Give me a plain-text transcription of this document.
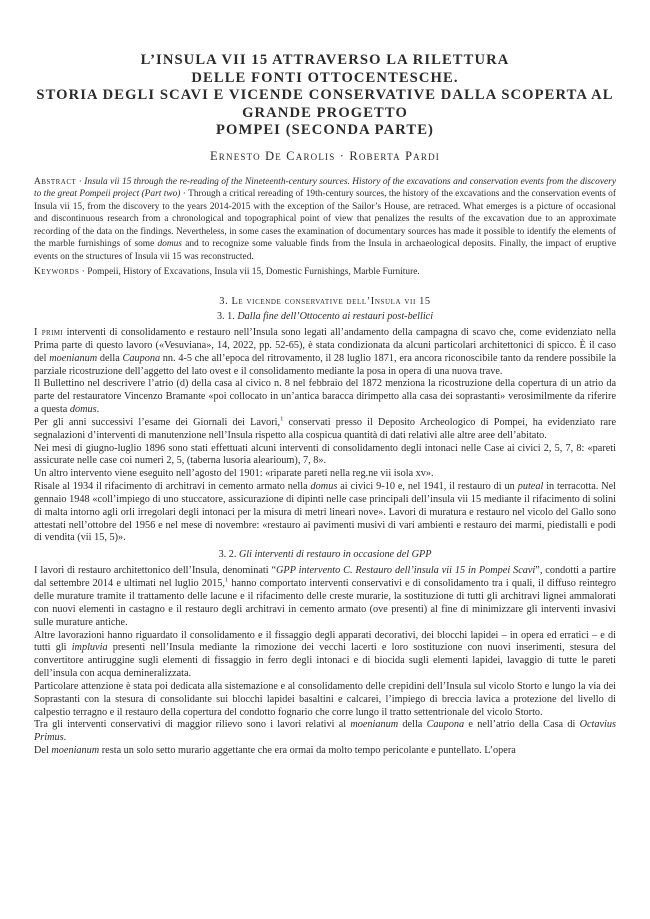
L’INSULA VII 15 ATTRAVERSO LA RILETTURA
DELLE FONTI OTTOCENTESCHE.
STORIA DEGLI SCAVI E VICENDE CONSERVATIVE DALLA SCOPERTA AL
GRANDE PROGETTO
POMPEI (SECONDA PARTE)
Ernesto De Carolis · Roberta Pardi

Abstract · Insula vii 15 through the re-reading of the Nineteenth-century sources. History of the excavations and conservation events from the discovery to the great Pompeii project (Part two) · Through a critical rereading of 19th-century sources, the history of the excavations and the conservation events of Insula vii 15, from the discovery to the years 2014-2015 with the exception of the Sailor’s House, are retraced. What emerges is a picture of occasional and discontinuous research from a chronological and topographical point of view that penalizes the results of the excavation due to an approximate recording of the data on the findings. Nevertheless, in some cases the examination of documentary sources has made it possible to identify the elements of the marble furnishings of some domus and to recognize some valuable finds from the Insula in archaeological deposits. Finally, the impact of eruptive events on the structures of Insula vii 15 was reconstructed.

Keywords · Pompeii, History of Excavations, Insula vii 15, Domestic Furnishings, Marble Furniture.

3. Le vicende conservative dell’Insula vii 15
3. 1. Dalla fine dell’Ottocento ai restauri post-bellici

I primi interventi di consolidamento e restauro nell’Insula sono legati all’andamento della campagna di scavo che, come evidenziato nella Prima parte di questo lavoro («Vesuviana», 14, 2022, pp. 52-65), è stata condizionata da alcuni particolari architettonici di spicco. È il caso del moenianum della Caupona nn. 4-5 che all’epoca del ritrovamento, il 28 luglio 1871, era ancora riconoscibile tanto da rendere possibile la parziale ricostruzione dell’aggetto del lato ovest e il consolidamento mediante la posa in opera di una nuova trave.

Il Bullettino nel descrivere l’atrio (d) della casa al civico n. 8 nel febbraio del 1872 menziona la ricostruzione della copertura di un atrio da parte del restauratore Vincenzo Bramante «poi collocato in un’antica baracca dirimpetto alla casa dei soprastanti» verosimilmente da riferire a questa domus.

Per gli anni successivi l’esame dei Giornali dei Lavori,$^1$ conservati presso il Deposito Archeologico di Pompei, ha evidenziato rare segnalazioni d’interventi di manutenzione nell’Insula rispetto alla cospicua quantità di dati relativi alle altre aree dell’abitato.

Nei mesi di giugno-luglio 1896 sono stati effettuati alcuni interventi di consolidamento degli intonaci nelle Case ai civici 2, 5, 7, 8: «pareti assicurate nelle case coi numeri 2, 5, (taberna lusoria alearioum), 7, 8».

Un altro intervento viene eseguito nell’agosto del 1901: «riparate pareti nella reg.ne vii isola xv».

Risale al 1934 il rifacimento di architravi in cemento armato nella domus ai civici 9-10 e, nel 1941, il restauro di un puteal in terracotta. Nel gennaio 1948 «coll’impiego di uno stuccatore, assicurazione di dipinti nelle case principali dell’insula vii 15 mediante il rifacimento di solini di malta intorno agli orli irregolari degli intonaci per la misura di metri lineari nove». Lavori di muratura e restauro nel vicolo del Gallo sono attestati nell’ottobre del 1956 e nel mese di novembre: «restauro ai pavimenti musivi di vari ambienti e restauro dei marmi, piedistalli e podi di vendita (vii 15, 5)».

3. 2. Gli interventi di restauro in occasione del GPP

I lavori di restauro architettonico dell’Insula, denominati “GPP intervento C. Restauro dell’insula vii 15 in Pompei Scavi”, condotti a partire dal settembre 2014 e ultimati nel luglio 2015,$^1$ hanno comportato interventi conservativi e di consolidamento tra i quali, il diffuso reintegro delle murature tramite il trattamento delle lacune e il rifacimento delle creste murarie, la sostituzione di tutti gli architravi lignei ammalorati con nuovi elementi in castagno e il restauro degli architravi in cemento armato (ove presenti) al fine di minimizzare gli interventi invasivi sulle murature antiche.

Altre lavorazioni hanno riguardato il consolidamento e il fissaggio degli apparati decorativi, dei blocchi lapidei – in opera ed erratici – e di tutti gli impluvia presenti nell’Insula mediante la rimozione dei vecchi lacerti e loro sostituzione con nuovi inserimenti, stesura del convertitore antiruggine sugli elementi di fissaggio in ferro degli intonaci e di biocida sugli elementi lapidei, lavaggio di tutte le pareti dell’insula con acqua demineralizzata.

Particolare attenzione è stata poi dedicata alla sistemazione e al consolidamento delle crepidini dell’Insula sul vicolo Storto e lungo la via dei Soprastanti con la stesura di consolidante sui blocchi lapidei basaltini e calcarei, l’impiego di breccia lavica a protezione del livello di calpestio terragno e il restauro della copertura del condotto fognario che corre lungo il tratto settentrionale del vicolo Storto.

Tra gli interventi conservativi di maggior rilievo sono i lavori relativi al moenianum della Caupona e nell’atrio della Casa di Octavius Primus.

Del moenianum resta un solo setto murario aggettante che era ormai da molto tempo pericolante e puntellato. L’opera
